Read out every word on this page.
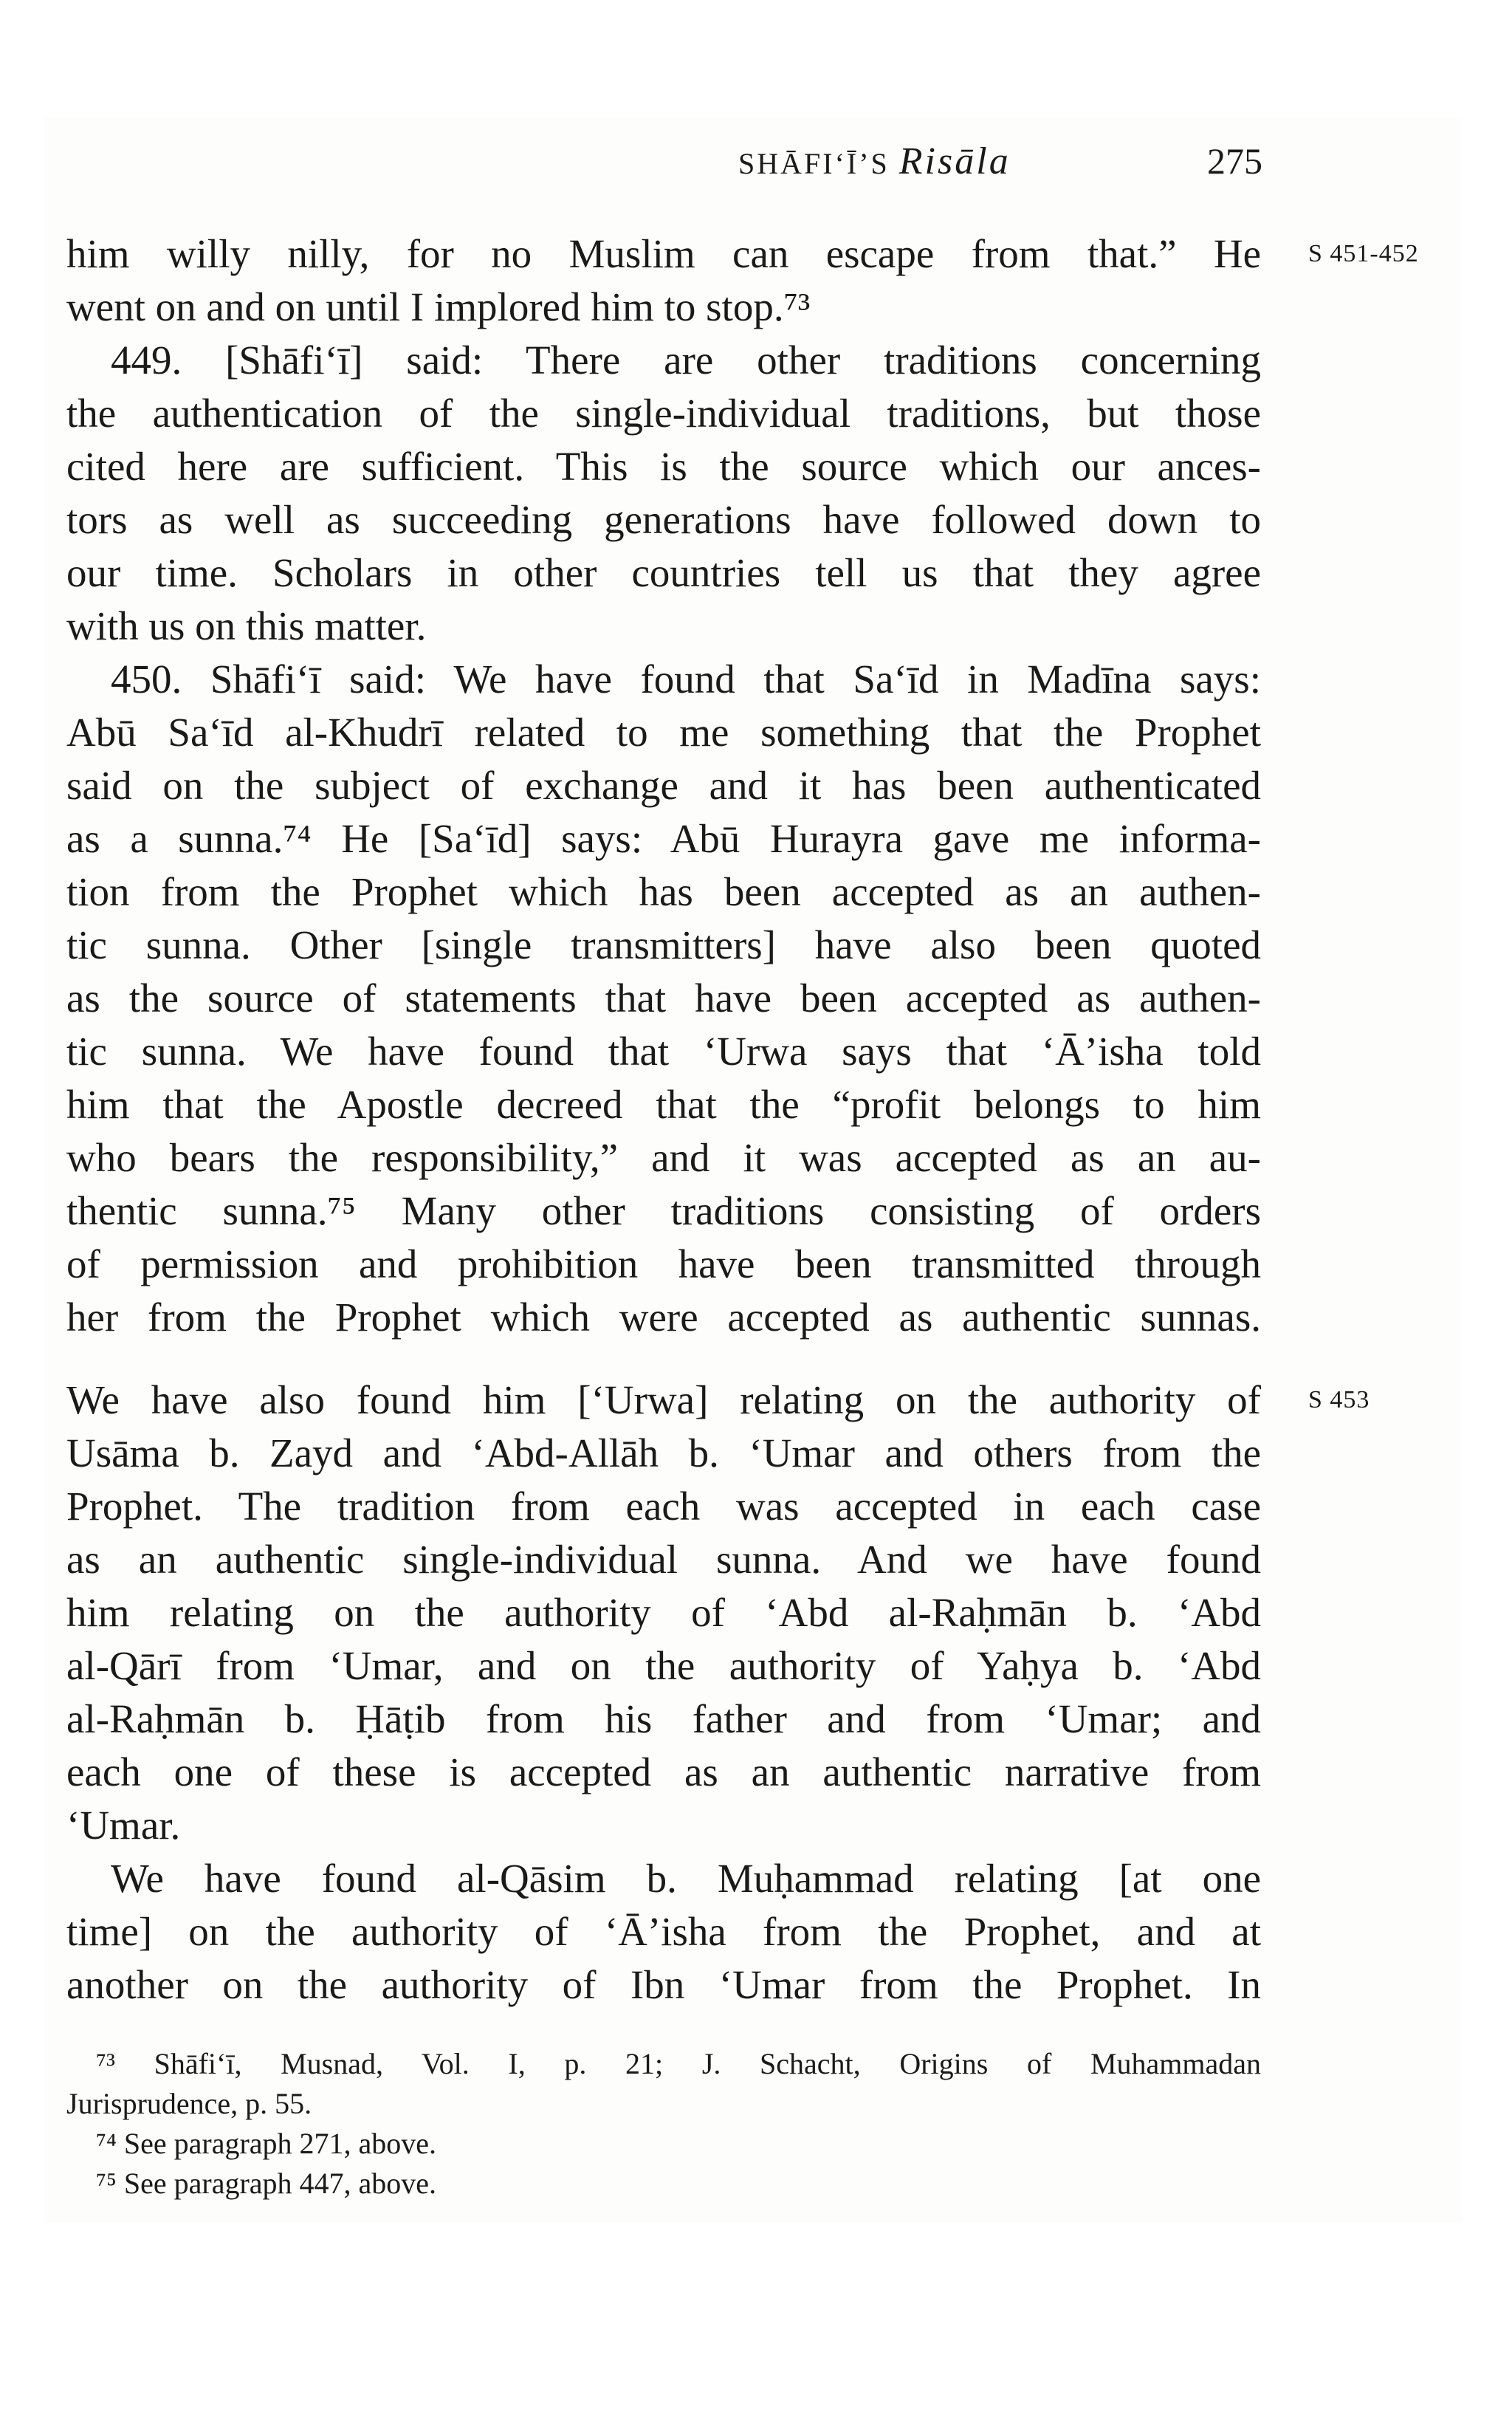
SHĀFI‘Ī’S Risāla	275
S 451-452
S 453
him willy nilly, for no Muslim can escape from that.” He
went on and on until I implored him to stop.⁷³
449. [Shāfi‘ī] said: There are other traditions concerning
the authentication of the single-individual traditions, but those
cited here are sufficient. This is the source which our ances-
tors as well as succeeding generations have followed down to
our time. Scholars in other countries tell us that they agree
with us on this matter.
450. Shāfi‘ī said: We have found that Sa‘īd in Madīna says:
Abū Sa‘īd al-Khudrī related to me something that the Prophet
said on the subject of exchange and it has been authenticated
as a sunna.⁷⁴ He [Sa‘īd] says: Abū Hurayra gave me informa-
tion from the Prophet which has been accepted as an authen-
tic sunna. Other [single transmitters] have also been quoted
as the source of statements that have been accepted as authen-
tic sunna. We have found that ‘Urwa says that ‘Ā’isha told
him that the Apostle decreed that the “profit belongs to him
who bears the responsibility,” and it was accepted as an au-
thentic sunna.⁷⁵ Many other traditions consisting of orders
of permission and prohibition have been transmitted through
her from the Prophet which were accepted as authentic sunnas.
We have also found him [‘Urwa] relating on the authority of
Usāma b. Zayd and ‘Abd-Allāh b. ‘Umar and others from the
Prophet. The tradition from each was accepted in each case
as an authentic single-individual sunna. And we have found
him relating on the authority of ‘Abd al-Raḥmān b. ‘Abd
al-Qārī from ‘Umar, and on the authority of Yaḥya b. ‘Abd
al-Raḥmān b. Ḥāṭib from his father and from ‘Umar; and
each one of these is accepted as an authentic narrative from
‘Umar.
We have found al-Qāsim b. Muḥammad relating [at one
time] on the authority of ‘Ā’isha from the Prophet, and at
another on the authority of Ibn ‘Umar from the Prophet. In
⁷³ Shāfi‘ī, Musnad, Vol. I, p. 21; J. Schacht, Origins of Muhammadan
Jurisprudence, p. 55.
⁷⁴ See paragraph 271, above.
⁷⁵ See paragraph 447, above.
